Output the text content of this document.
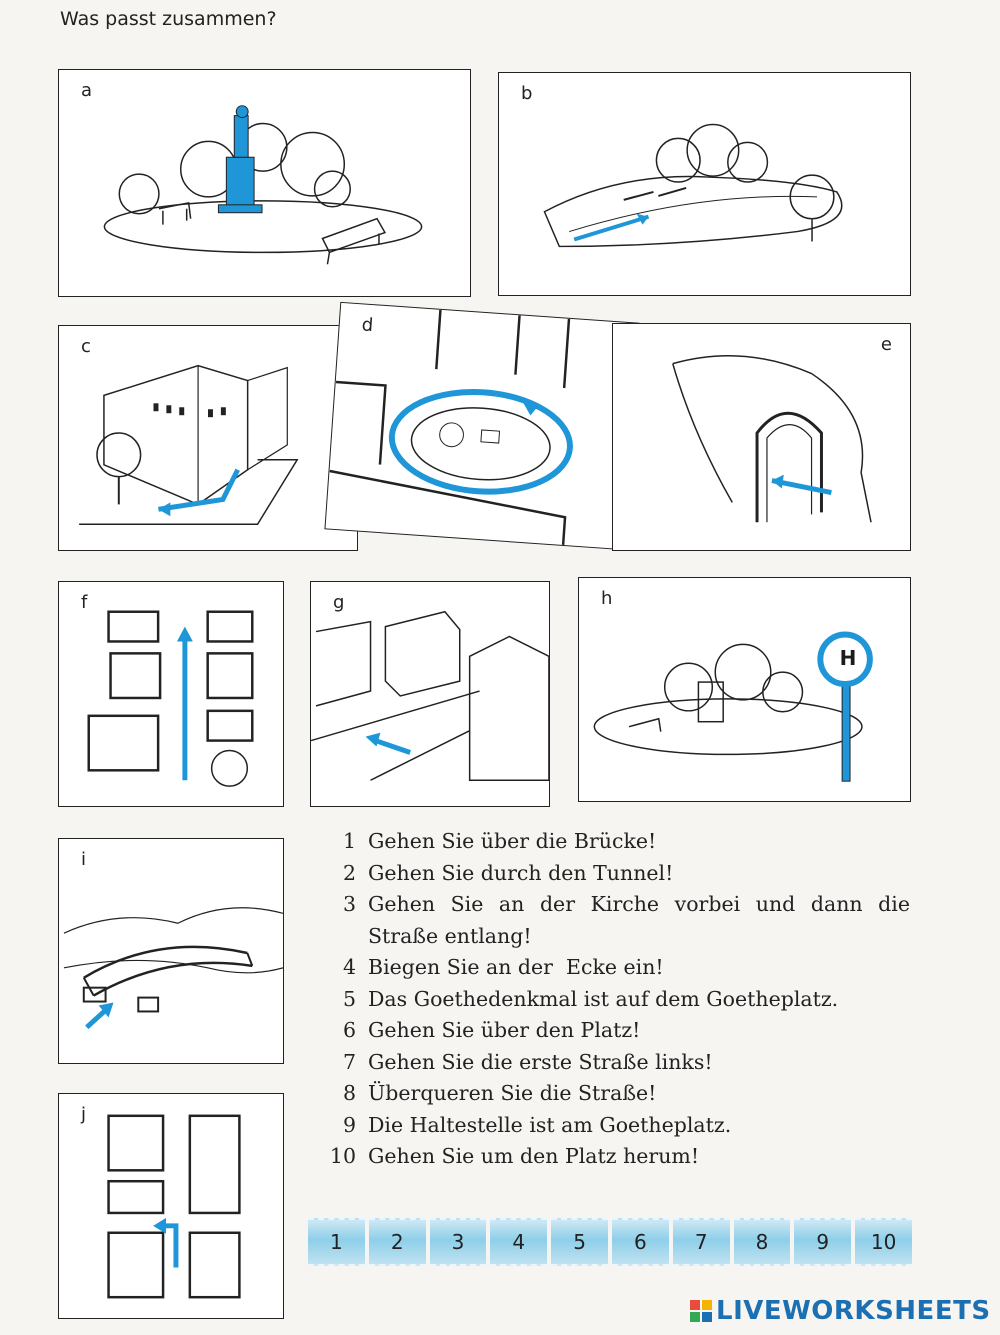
Was passt zusammen?
a	b
c
d
e
f	g	h
H
i
j
1 Gehen Sie über die Brücke!
2 Gehen Sie durch den Tunnel!
3 Gehen Sie an der Kirche vorbei und dann die Straße entlang!
4 Biegen Sie an der  Ecke ein!
5 Das Goethedenkmal ist auf dem Goetheplatz.
6 Gehen Sie über den Platz!
7 Gehen Sie die erste Straße links!
8 Überqueren Sie die Straße!
9 Die Haltestelle ist am Goetheplatz.
10 Gehen Sie um den Platz herum!
1	2	3	4	5	6	7	8	9	10
LIVEWORKSHEETS
